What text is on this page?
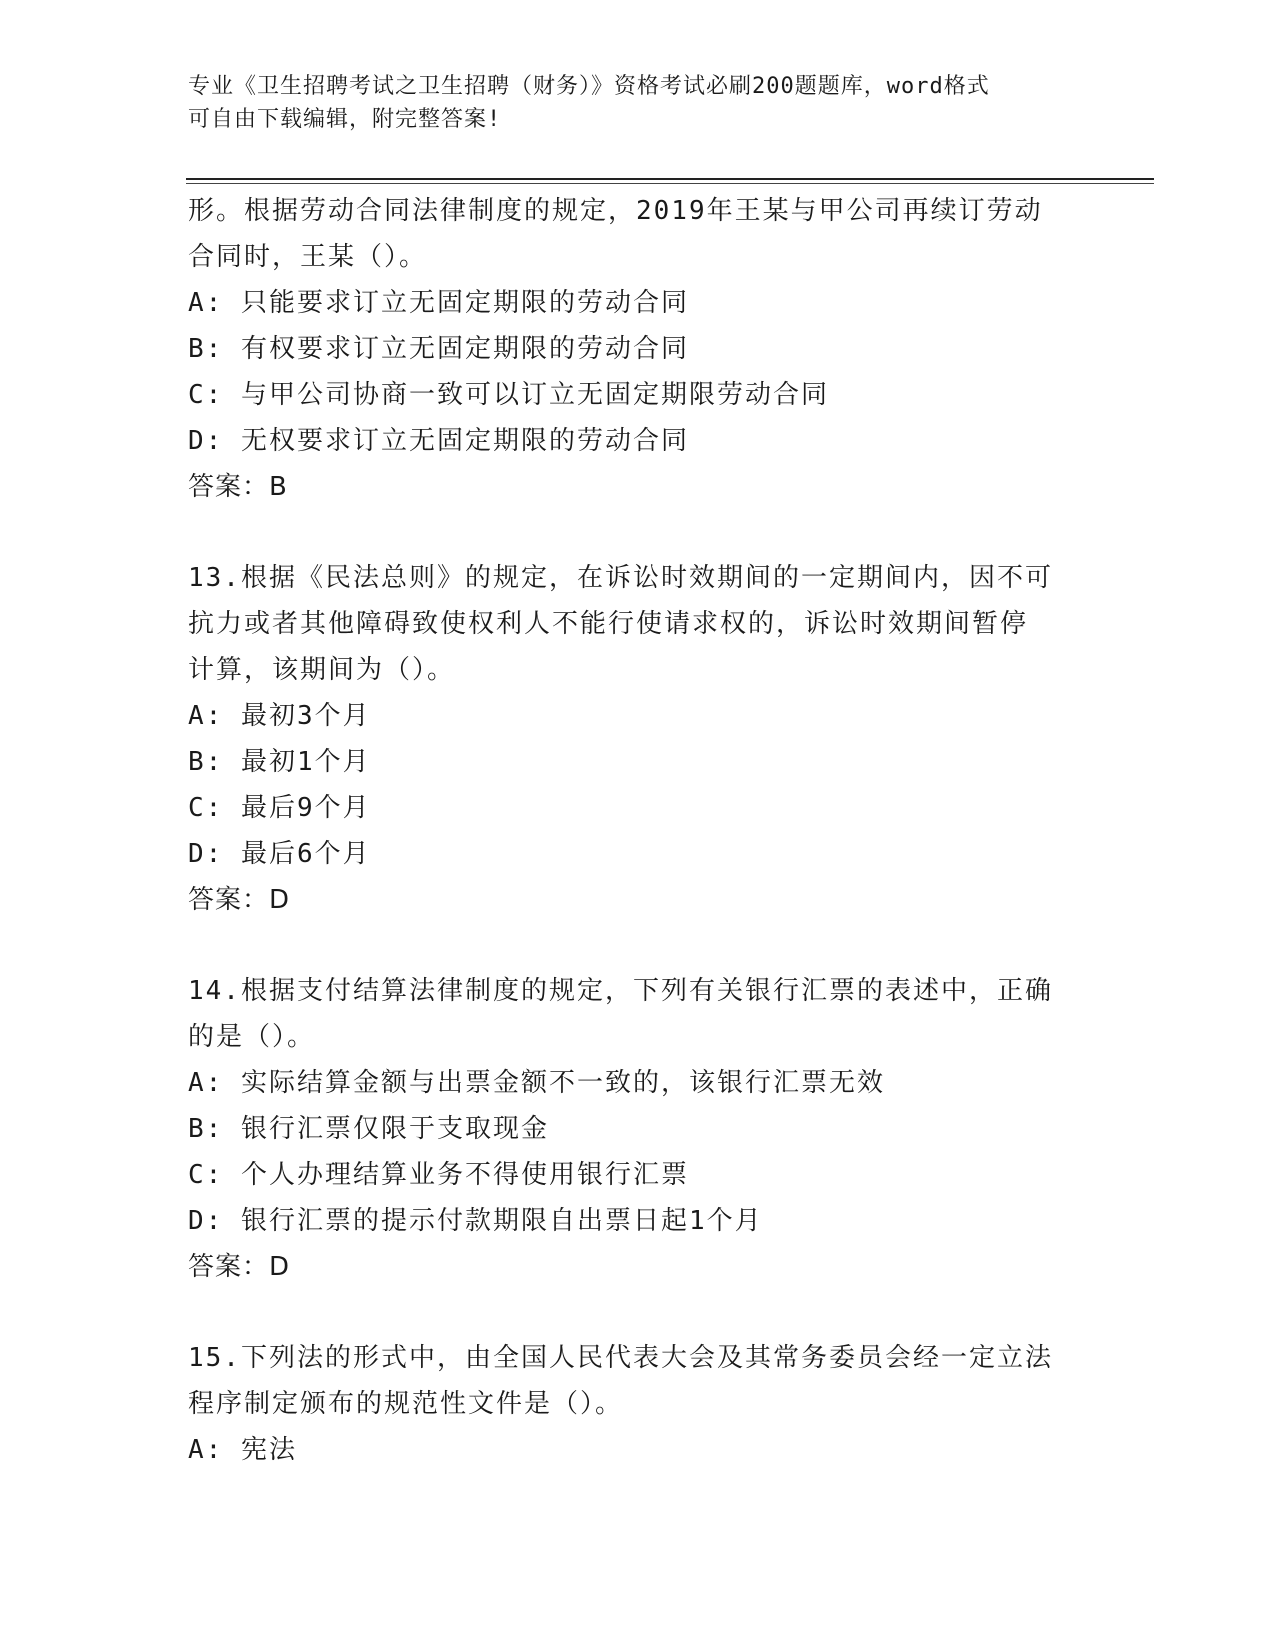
专业《卫生招聘考试之卫生招聘（财务）》资格考试必刷200题题库，word格式
可自由下载编辑，附完整答案!
形。根据劳动合同法律制度的规定，2019年王某与甲公司再续订劳动
合同时，王某（）。
A: 只能要求订立无固定期限的劳动合同
B: 有权要求订立无固定期限的劳动合同
C: 与甲公司协商一致可以订立无固定期限劳动合同
D: 无权要求订立无固定期限的劳动合同
答案：B
13.根据《民法总则》的规定，在诉讼时效期间的一定期间内，因不可
抗力或者其他障碍致使权利人不能行使请求权的，诉讼时效期间暂停
计算，该期间为（）。
A: 最初3个月
B: 最初1个月
C: 最后9个月
D: 最后6个月
答案：D
14.根据支付结算法律制度的规定，下列有关银行汇票的表述中，正确
的是（）。
A: 实际结算金额与出票金额不一致的，该银行汇票无效
B: 银行汇票仅限于支取现金
C: 个人办理结算业务不得使用银行汇票
D: 银行汇票的提示付款期限自出票日起1个月
答案：D
15.下列法的形式中，由全国人民代表大会及其常务委员会经一定立法
程序制定颁布的规范性文件是（）。
A: 宪法
